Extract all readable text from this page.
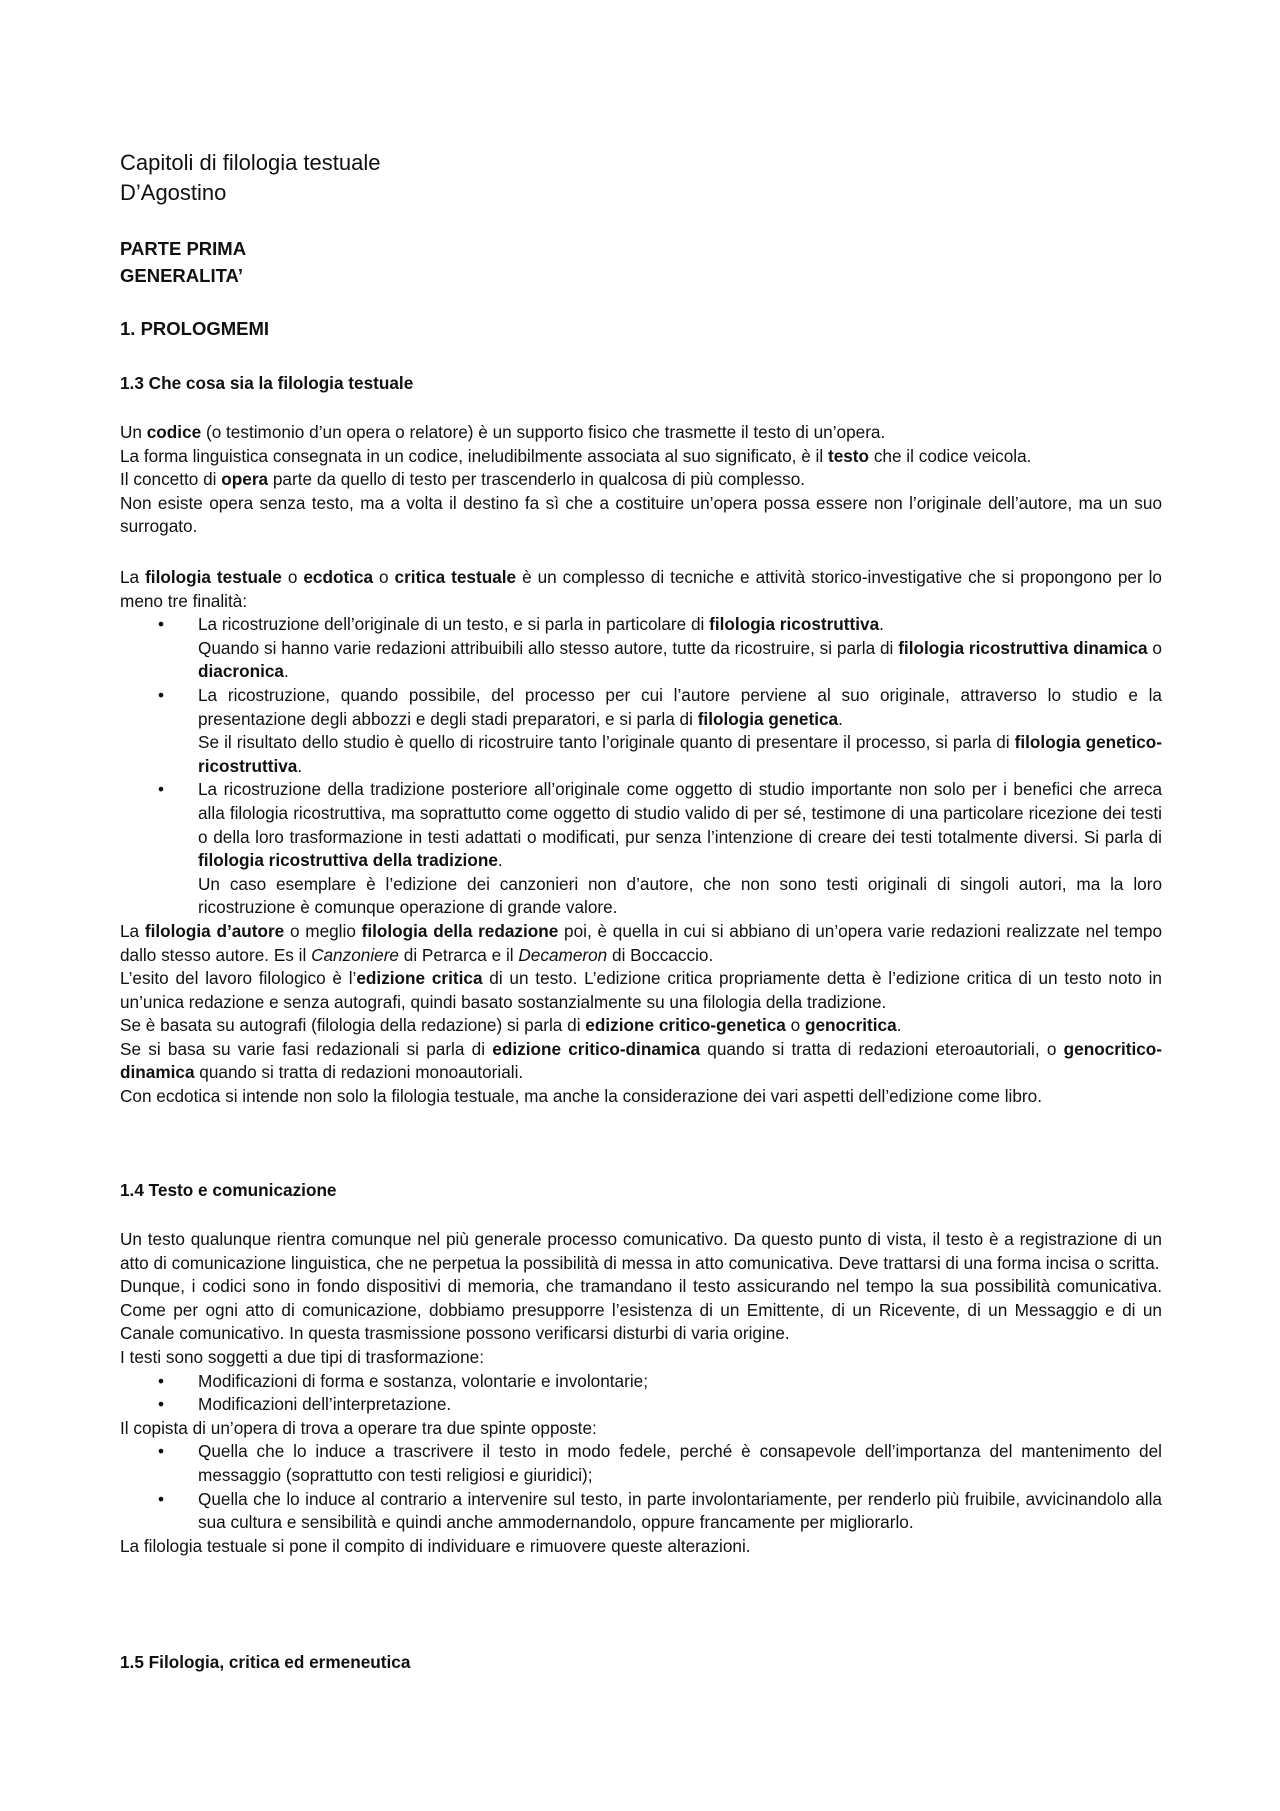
Capitoli di filologia testuale
D’Agostino
PARTE PRIMA
GENERALITA’
1. PROLOGMEMI
1.3 Che cosa sia la filologia testuale

Un codice (o testimonio d’un opera o relatore) è un supporto fisico che trasmette il testo di un’opera.

La forma linguistica consegnata in un codice, ineludibilmente associata al suo significato, è il testo che il codice veicola.

Il concetto di opera parte da quello di testo per trascenderlo in qualcosa di più complesso.

Non esiste opera senza testo, ma a volta il destino fa sì che a costituire un’opera possa essere non l’originale dell’autore, ma un suo surrogato.

La filologia testuale o ecdotica o critica testuale è un complesso di tecniche e attività storico-investigative che si propongono per lo meno tre finalità:

• La ricostruzione dell’originale di un testo, e si parla in particolare di filologia ricostruttiva.

Quando si hanno varie redazioni attribuibili allo stesso autore, tutte da ricostruire, si parla di filologia ricostruttiva dinamica o diacronica.

• La ricostruzione, quando possibile, del processo per cui l’autore perviene al suo originale, attraverso lo studio e la presentazione degli abbozzi e degli stadi preparatori, e si parla di filologia genetica.

Se il risultato dello studio è quello di ricostruire tanto l’originale quanto di presentare il processo, si parla di filologia genetico-ricostruttiva.

• La ricostruzione della tradizione posteriore all’originale come oggetto di studio importante non solo per i benefici che arreca alla filologia ricostruttiva, ma soprattutto come oggetto di studio valido di per sé, testimone di una particolare ricezione dei testi o della loro trasformazione in testi adattati o modificati, pur senza l’intenzione di creare dei testi totalmente diversi. Si parla di filologia ricostruttiva della tradizione.

Un caso esemplare è l’edizione dei canzonieri non d’autore, che non sono testi originali di singoli autori, ma la loro ricostruzione è comunque operazione di grande valore.

La filologia d’autore o meglio filologia della redazione poi, è quella in cui si abbiano di un’opera varie redazioni realizzate nel tempo dallo stesso autore. Es il Canzoniere di Petrarca e il Decameron di Boccaccio.

L’esito del lavoro filologico è l’edizione critica di un testo. L’edizione critica propriamente detta è l’edizione critica di un testo noto in un’unica redazione e senza autografi, quindi basato sostanzialmente su una filologia della tradizione.

Se è basata su autografi (filologia della redazione) si parla di edizione critico-genetica o genocritica.

Se si basa su varie fasi redazionali si parla di edizione critico-dinamica quando si tratta di redazioni eteroautoriali, o genocritico-dinamica quando si tratta di redazioni monoautoriali.

Con ecdotica si intende non solo la filologia testuale, ma anche la considerazione dei vari aspetti dell’edizione come libro.

1.4 Testo e comunicazione

Un testo qualunque rientra comunque nel più generale processo comunicativo. Da questo punto di vista, il testo è a registrazione di un atto di comunicazione linguistica, che ne perpetua la possibilità di messa in atto comunicativa. Deve trattarsi di una forma incisa o scritta.

Dunque, i codici sono in fondo dispositivi di memoria, che tramandano il testo assicurando nel tempo la sua possibilità comunicativa. Come per ogni atto di comunicazione, dobbiamo presupporre l’esistenza di un Emittente, di un Ricevente, di un Messaggio e di un Canale comunicativo. In questa trasmissione possono verificarsi disturbi di varia origine.

I testi sono soggetti a due tipi di trasformazione:

• Modificazioni di forma e sostanza, volontarie e involontarie;
• Modificazioni dell’interpretazione.

Il copista di un’opera di trova a operare tra due spinte opposte:

• Quella che lo induce a trascrivere il testo in modo fedele, perché è consapevole dell’importanza del mantenimento del messaggio (soprattutto con testi religiosi e giuridici);
• Quella che lo induce al contrario a intervenire sul testo, in parte involontariamente, per renderlo più fruibile, avvicinandolo alla sua cultura e sensibilità e quindi anche ammodernandolo, oppure francamente per migliorarlo.

La filologia testuale si pone il compito di individuare e rimuovere queste alterazioni.

1.5 Filologia, critica ed ermeneutica
